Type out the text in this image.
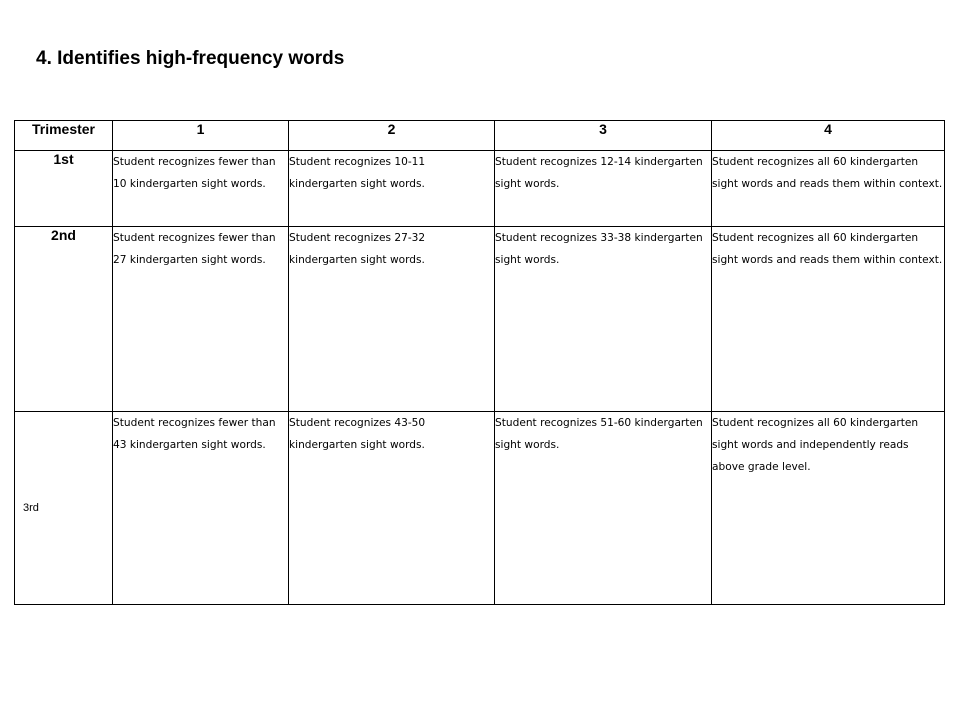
4. Identifies high-frequency words
Trimester	1	2	3	4
1st	Student recognizes fewer than 10 kindergarten sight words.	Student recognizes 10-11 kindergarten sight words.	Student recognizes 12-14 kindergarten sight words.	Student recognizes all 60 kindergarten sight words and reads them within context.

2nd	Student recognizes fewer than 27 kindergarten sight words.	Student recognizes 27-32 kindergarten sight words.	Student recognizes 33-38 kindergarten sight words.	Student recognizes all 60 kindergarten sight words and reads them within context.

3rd	Student recognizes fewer than 43 kindergarten sight words.	Student recognizes 43-50 kindergarten sight words.	Student recognizes 51-60 kindergarten sight words.	Student recognizes all 60 kindergarten sight words and independently reads above grade level.
